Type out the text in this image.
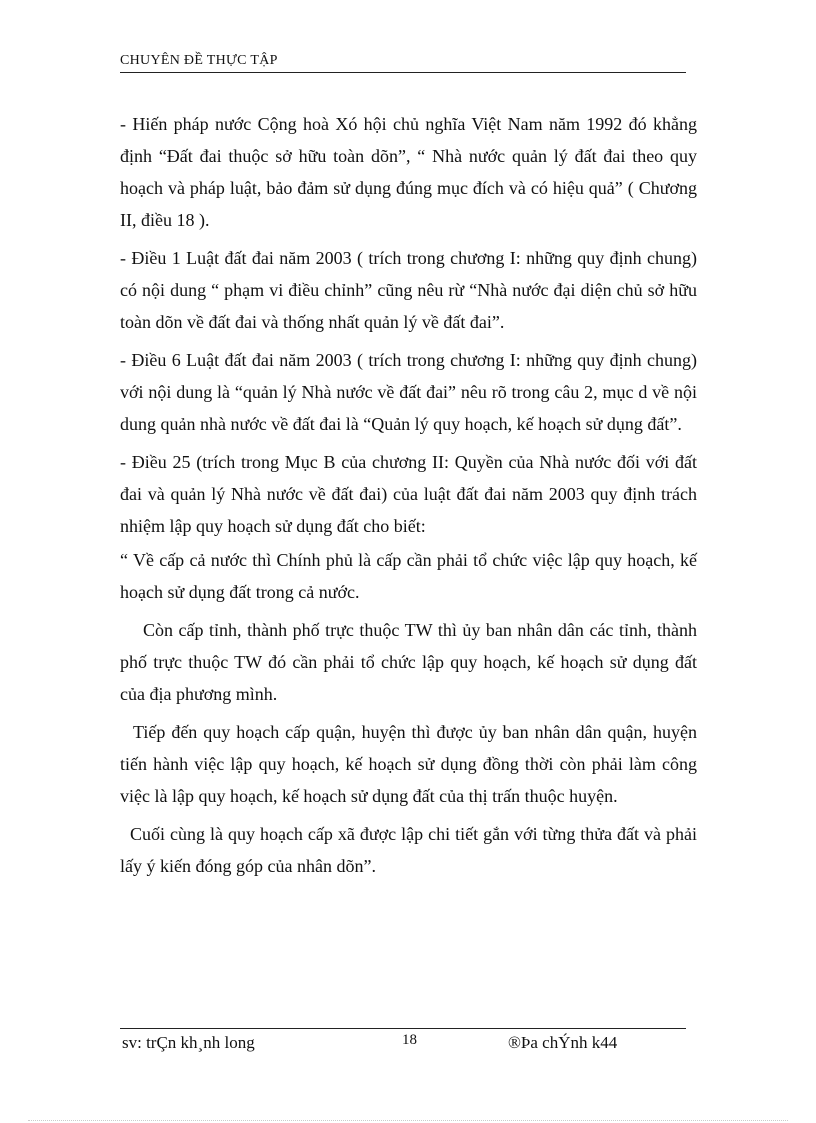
CHUYÊN ĐỀ THỰC TẬP

- Hiến pháp nước Cộng hoà Xó hội chủ nghĩa Việt Nam năm 1992 đó khẳng định “Đất đai thuộc sở hữu toàn dõn”, “ Nhà nước quản lý đất đai theo quy hoạch và pháp luật, bảo đảm sử dụng đúng mục đích và có hiệu quả” ( Chương II, điều 18 ).

- Điều 1 Luật đất đai năm 2003 ( trích trong chương I: những quy định chung) có nội dung “ phạm vi điều chỉnh” cũng nêu rừ “Nhà nước đại diện chủ sở hữu toàn dõn về đất đai và thống nhất quản lý về đất đai”.

- Điều 6 Luật đất đai năm 2003 ( trích trong chương I: những quy định chung) với nội dung là “quản lý Nhà nước về đất đai” nêu rõ trong câu 2, mục d về nội dung quản nhà nước về đất đai là “Quản lý quy hoạch, kế hoạch sử dụng đất”.

- Điều 25 (trích trong Mục B của chương II: Quyền của Nhà nước đối với đất đai và quản lý Nhà nước về đất đai) của luật đất đai năm 2003 quy định trách nhiệm lập quy hoạch sử dụng đất cho biết:

“ Về cấp cả nước thì Chính phủ là cấp cần phải tổ chức việc lập quy hoạch, kế hoạch sử dụng đất trong cả nước.

Còn cấp tỉnh, thành phố trực thuộc TW thì ủy ban nhân dân các tỉnh, thành phố trực thuộc TW đó cần phải tổ chức lập quy hoạch, kế hoạch sử dụng đất của địa phương mình.

Tiếp đến quy hoạch cấp quận, huyện thì được ủy ban nhân dân quận, huyện tiến hành việc lập quy hoạch, kế hoạch sử dụng đồng thời còn phải làm công việc là lập quy hoạch, kế hoạch sử dụng đất của thị trấn thuộc huyện.

Cuối cùng là quy hoạch cấp xã được lập chi tiết gắn với từng thửa đất và phải lấy ý kiến đóng góp của nhân dõn”.

sv: trÇn kh¸nh long	18	®Þa chÝnh k44
